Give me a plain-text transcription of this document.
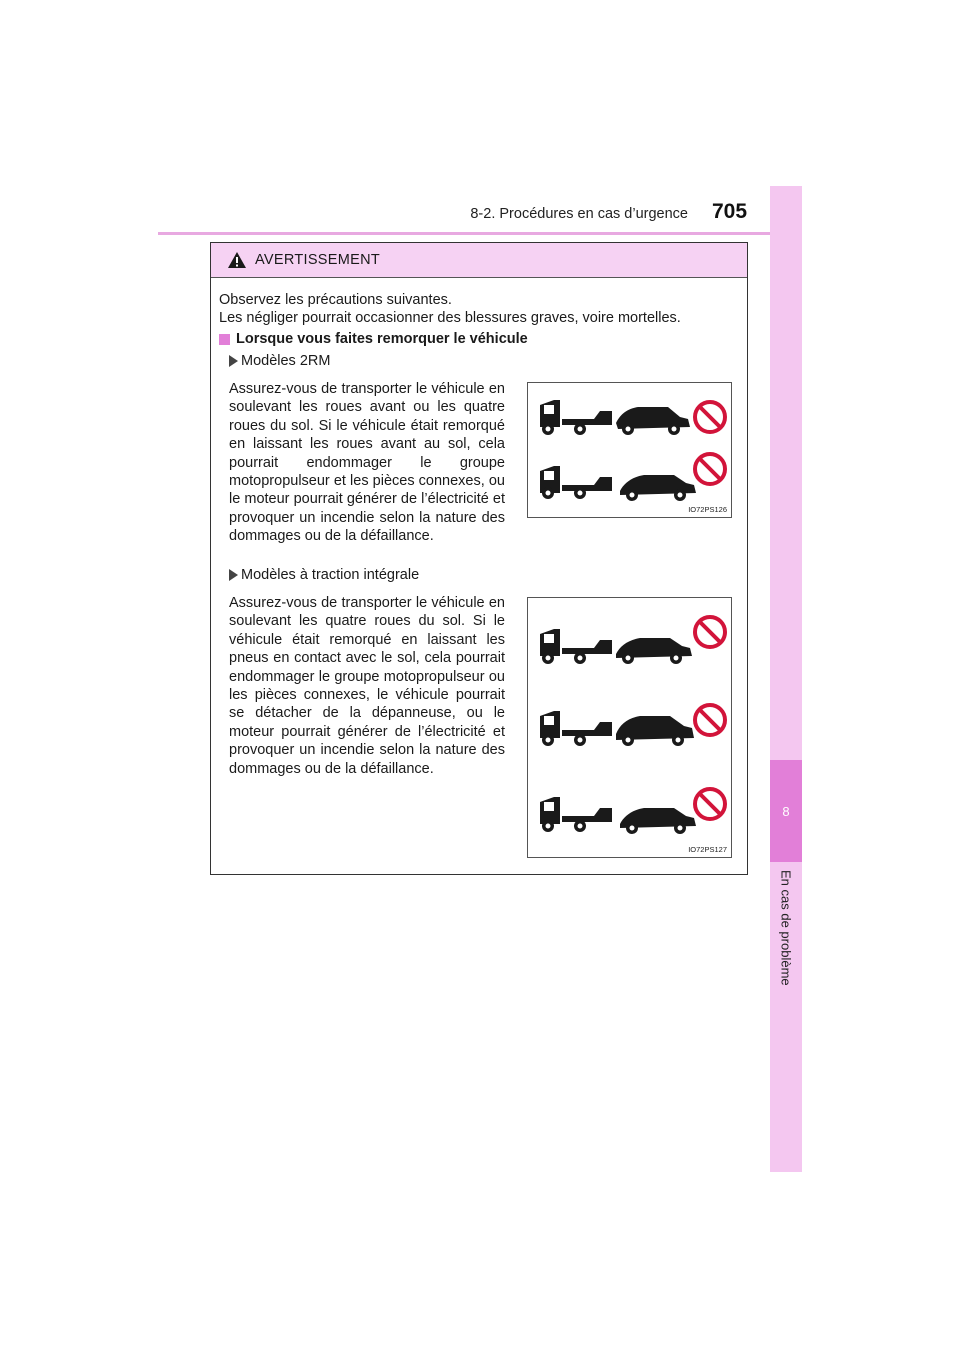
8-2. Procédures en cas d’urgence 705
8
En cas de problème
AVERTISSEMENT
Observez les précautions suivantes.
Les négliger pourrait occasionner des blessures graves, voire mortelles.
Lorsque vous faites remorquer le véhicule
Modèles 2RM
Assurez-vous de transporter le véhicule en soulevant les roues avant ou les quatre roues du sol. Si le véhicule était remorqué en laissant les roues avant au sol, cela pourrait endommager le groupe motopropulseur et les pièces connexes, ou le moteur pourrait générer de l’électricité et provoquer un incendie selon la nature des dommages ou de la défaillance.
IO72PS126
Modèles à traction intégrale
Assurez-vous de transporter le véhicule en soulevant les quatre roues du sol. Si le véhicule était remorqué en laissant les pneus en contact avec le sol, cela pourrait endommager le groupe motopropulseur ou les pièces connexes, le véhicule pourrait se détacher de la dépanneuse, ou le moteur pourrait générer de l’électricité et provoquer un incendie selon la nature des dommages ou de la défaillance.
IO72PS127
